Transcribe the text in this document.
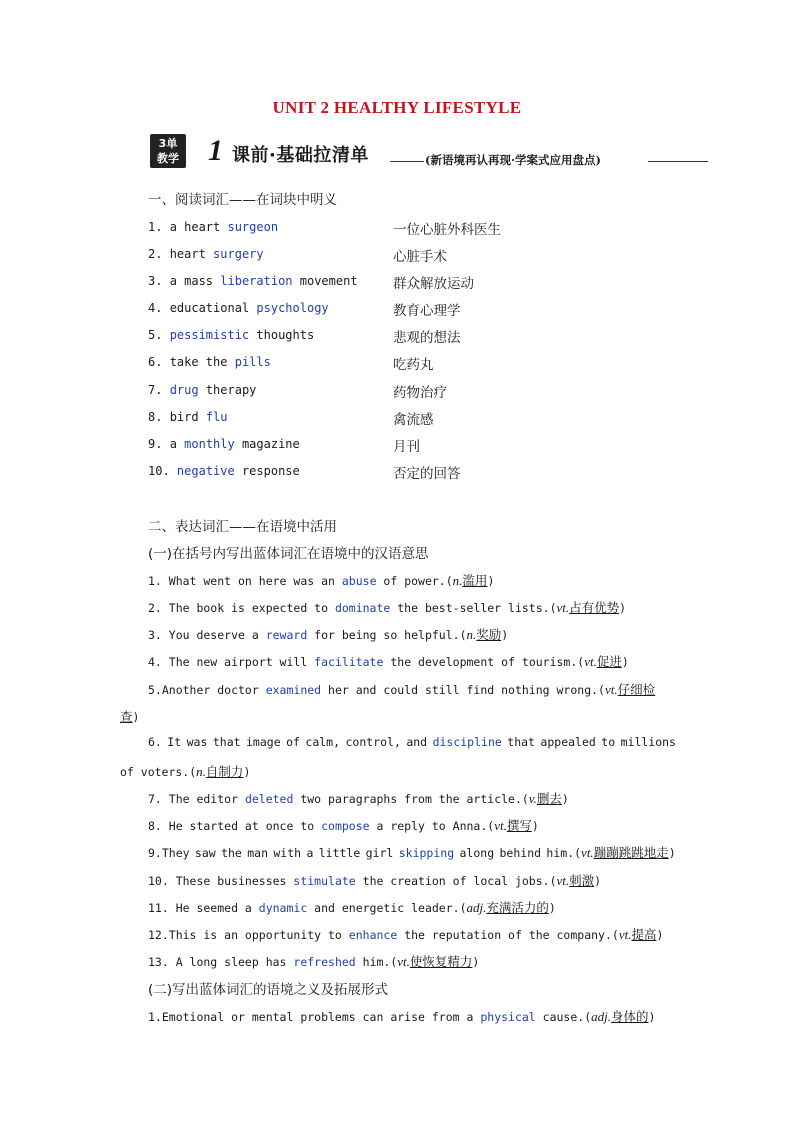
UNIT 2 HEALTHY LIFESTYLE
3单
教学 1 课前·基础拉清单	(新语境再认再现·学案式应用盘点)
一、阅读词汇——在词块中明义
1. a heart surgeon	一位心脏外科医生
2. heart surgery	心脏手术
3. a mass liberation movement	群众解放运动
4. educational psychology	教育心理学
5. pessimistic thoughts	悲观的想法
6. take the pills	吃药丸
7. drug therapy	药物治疗
8. bird flu	禽流感
9. a monthly magazine	月刊
10. negative response	否定的回答
二、表达词汇——在语境中活用
(一)在括号内写出蓝体词汇在语境中的汉语意思
1. What went on here was an abuse of power.(n.滥用)
2. The book is expected to dominate the best-seller lists.(vt.占有优势)
3. You deserve a reward for being so helpful.(n.奖励)
4. The new airport will facilitate the development of tourism.(vt.促进)
5.Another doctor examined her and could still find nothing wrong.(vt.仔细检
查)
6. It was that image of calm, control, and discipline that appealed to millions
of voters.(n.自制力)
7. The editor deleted two paragraphs from the article.(v.删去)
8. He started at once to compose a reply to Anna.(vt.撰写)
9.They saw the man with a little girl skipping along behind him.(vt.蹦蹦跳跳地走)
10. These businesses stimulate the creation of local jobs.(vt.刺激)
11. He seemed a dynamic and energetic leader.(adj.充满活力的)
12.This is an opportunity to enhance the reputation of the company.(vt.提高)
13. A long sleep has refreshed him.(vt.使恢复精力)
(二)写出蓝体词汇的语境之义及拓展形式
1.Emotional or mental problems can arise from a physical cause.(adj.身体的)
